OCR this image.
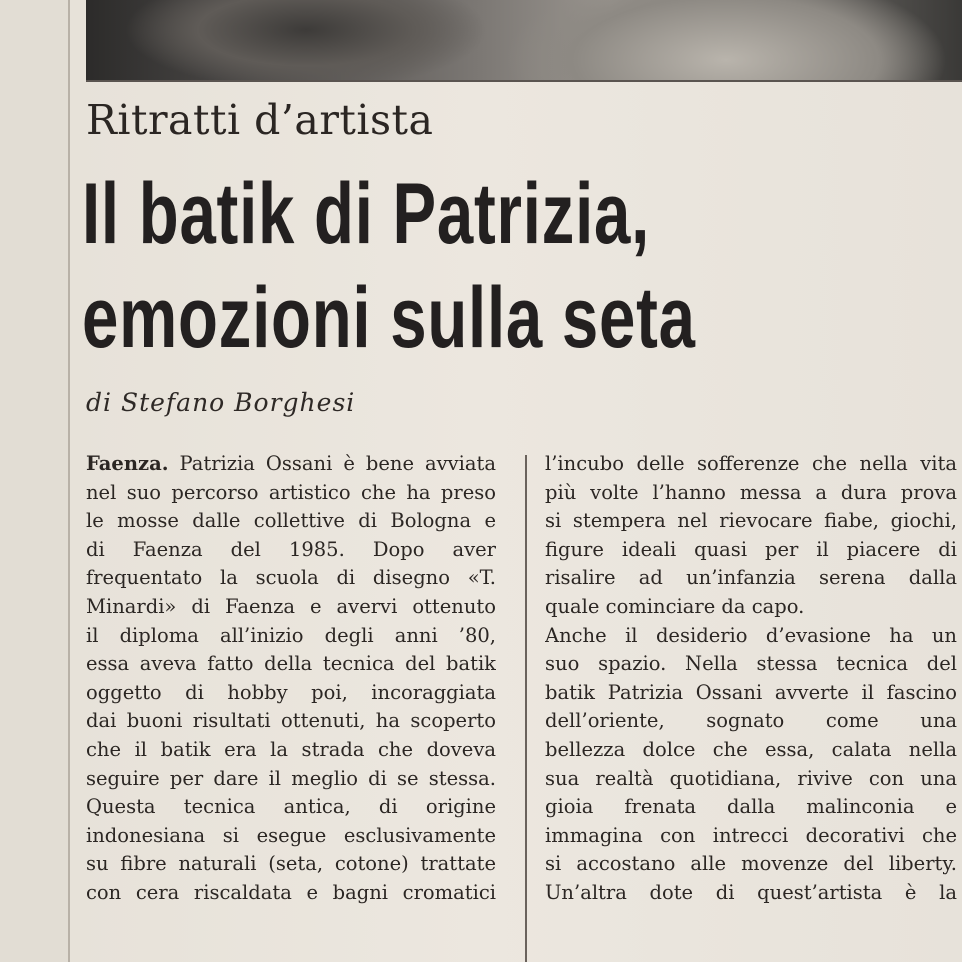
Ritratti d’artista
Il batik di Patrizia,
emozioni sulla seta
di Stefano Borghesi
Faenza. Patrizia Ossani è bene avviata
nel suo percorso artistico che ha preso
le mosse dalle collettive di Bologna e
di Faenza del 1985. Dopo aver
frequentato la scuola di disegno «T.
Minardi» di Faenza e avervi ottenuto
il diploma all’inizio degli anni ’80,
essa aveva fatto della tecnica del batik
oggetto di hobby poi, incoraggiata
dai buoni risultati ottenuti, ha scoperto
che il batik era la strada che doveva
seguire per dare il meglio di se stessa.
Questa tecnica antica, di origine
indonesiana si esegue esclusivamente
su fibre naturali (seta, cotone) trattate
con cera riscaldata e bagni cromatici
l’incubo delle sofferenze che nella vita
più volte l’hanno messa a dura prova
si stempera nel rievocare fiabe, giochi,
figure ideali quasi per il piacere di
risalire ad un’infanzia serena dalla
quale cominciare da capo.
Anche il desiderio d’evasione ha un
suo spazio. Nella stessa tecnica del
batik Patrizia Ossani avverte il fascino
dell’oriente, sognato come una
bellezza dolce che essa, calata nella
sua realtà quotidiana, rivive con una
gioia frenata dalla malinconia e
immagina con intrecci decorativi che
si accostano alle movenze del liberty.
Un’altra dote di quest’artista è la
